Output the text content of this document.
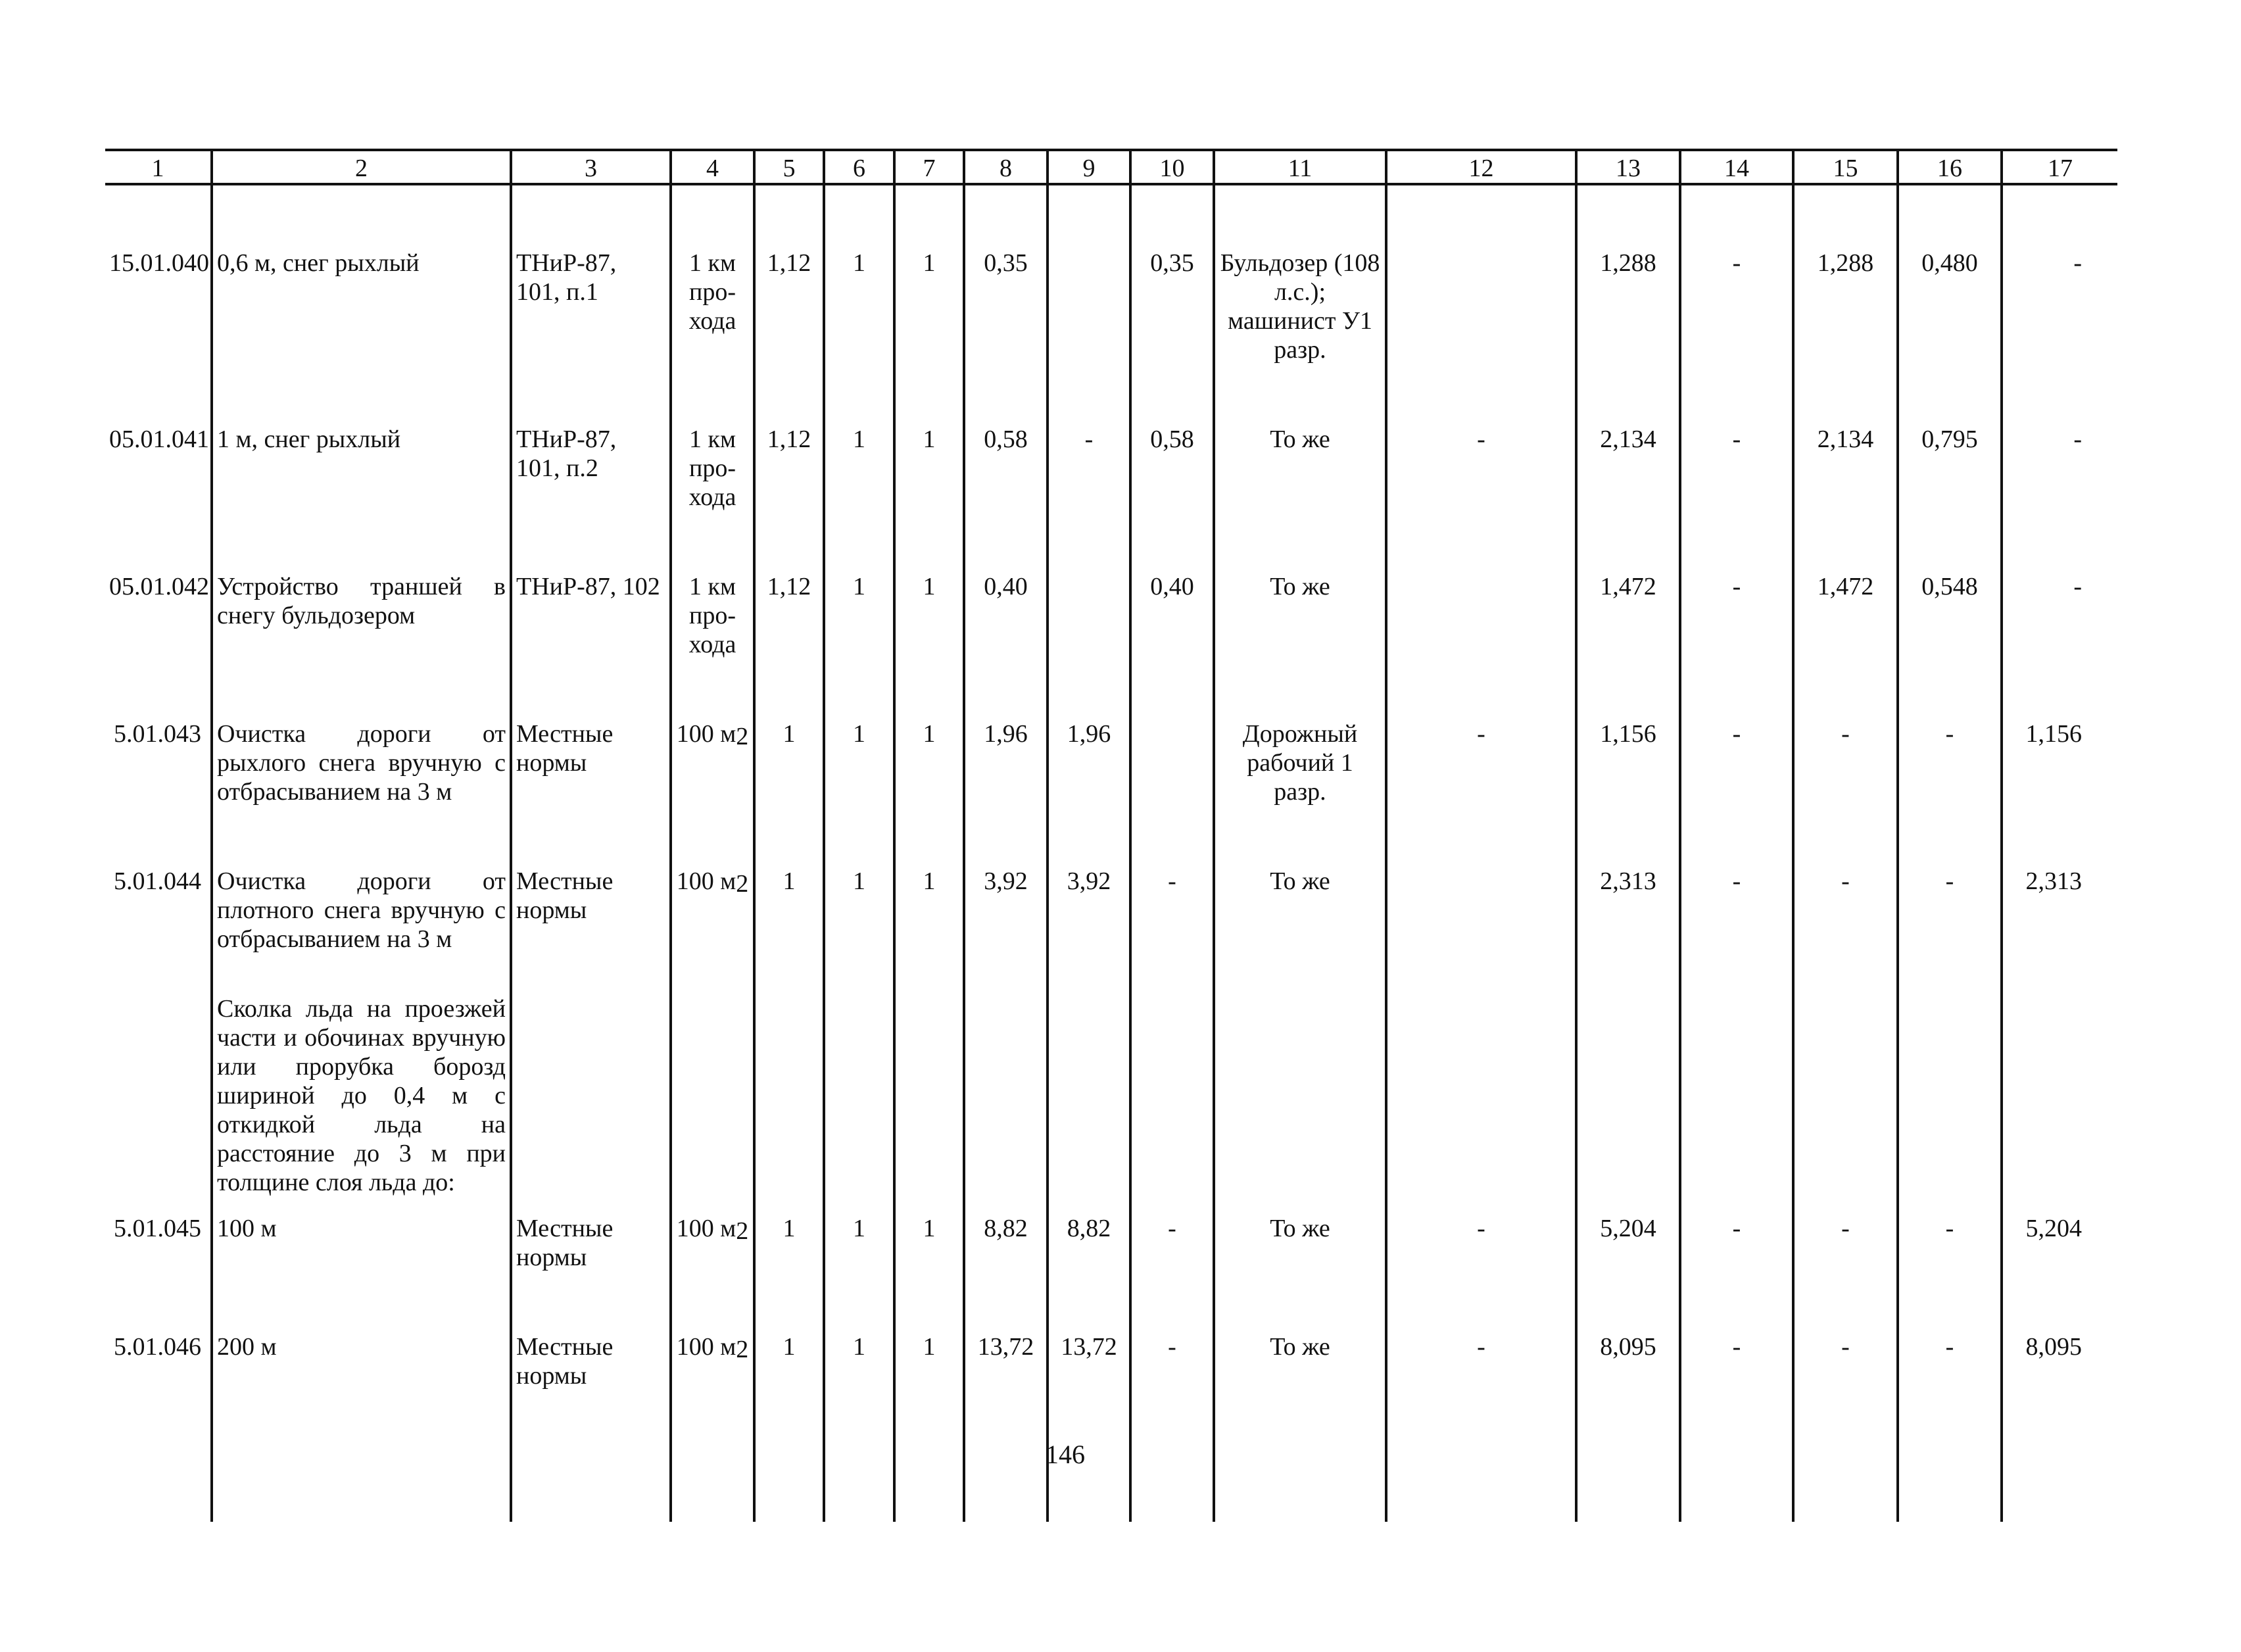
1	2	3	4	5	6	7	8	9	10	11	12	13	14	15	16	17
15.01.040	0,6 м, снег рыхлый	ТНиР-87, 101, п.1	1 км про-хода	1,12	1	1	0,35		0,35	Бульдозер (108 л.с.); машинист У1 разр.		1,288	-	1,288	0,480	-
05.01.041	1 м, снег рыхлый	ТНиР-87, 101, п.2	1 км про-хода	1,12	1	1	0,58	-	0,58	То же	-	2,134	-	2,134	0,795	-
05.01.042	Устройство траншей в снегу бульдозером	ТНиР-87, 102	1 км про-хода	1,12	1	1	0,40		0,40	То же		1,472	-	1,472	0,548	-
5.01.043	Очистка дороги от рыхлого снега вручную с отбрасыванием на 3 м	Местные нормы	100 $м^2$	1	1	1	1,96	1,96		Дорожный рабочий 1 разр.	-	1,156	-	-	-	1,156
5.01.044	Очистка дороги от плотного снега вручную с отбрасыванием на 3 м	Местные нормы	100 $м^2$	1	1	1	3,92	3,92	-	То же		2,313	-	-	-	2,313
	Сколка льда на проезжей части и обочинах вручную или прорубка борозд шириной до 0,4 м с откидкой льда на расстояние до 3 м при толщине слоя льда до:															
5.01.045	100 м	Местные нормы	100 $м^2$	1	1	1	8,82	8,82	-	То же	-	5,204	-	-	-	5,204
5.01.046	200 м	Местные нормы	100 $м^2$	1	1	1	13,72	13,72	-	То же	-	8,095	-	-	-	8,095

146
